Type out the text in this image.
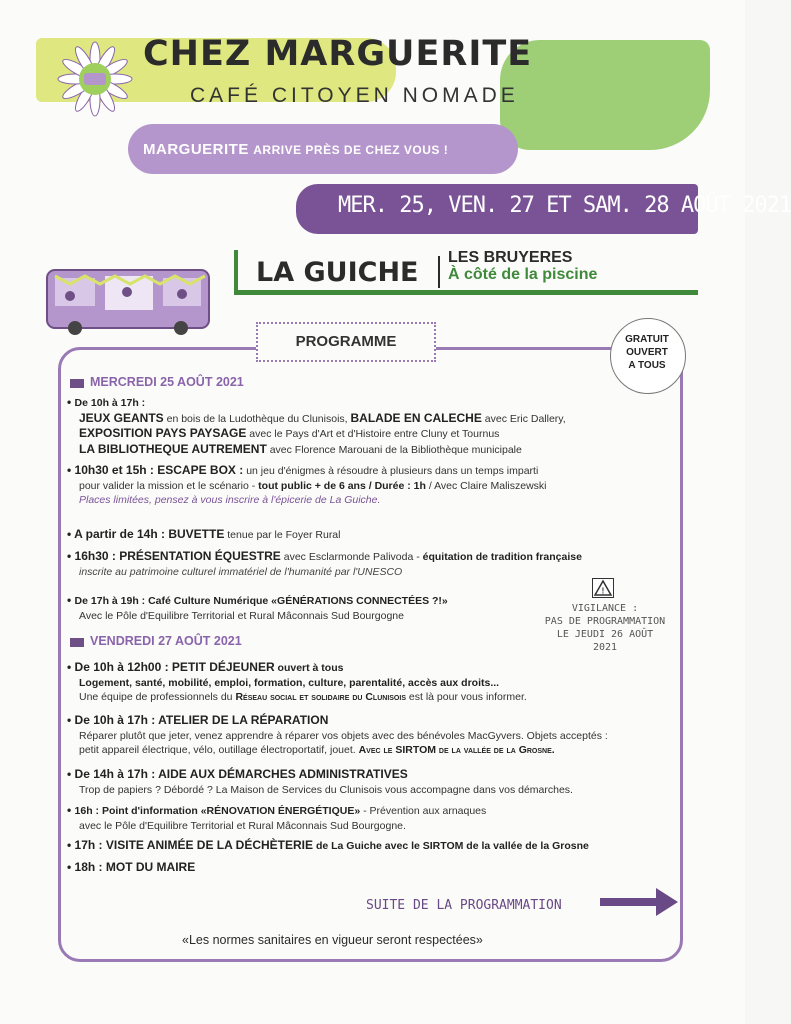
CHEZ MARGUERITE
CAFÉ CITOYEN NOMADE
MARGUERITE ARRIVE PRÈS DE CHEZ VOUS !
MER. 25, VEN. 27 ET SAM. 28 AOÛT 2021
LA GUICHE LES BRUYERES
À côté de la piscine
PROGRAMME	GRATUIT
OUVERT
A TOUS
MERCREDI 25 AOÛT 2021
• De 10h à 17h :
JEUX GEANTS en bois de la Ludothèque du Clunisois, BALADE EN CALECHE avec Eric Dallery,
EXPOSITION PAYS PAYSAGE avec le Pays d'Art et d'Histoire entre Cluny et Tournus
LA BIBLIOTHEQUE AUTREMENT avec Florence Marouani de la Bibliothèque municipale
• 10h30 et 15h : ESCAPE BOX : un jeu d'énigmes à résoudre à plusieurs dans un temps imparti
pour valider la mission et le scénario - tout public + de 6 ans / Durée : 1h / Avec Claire Maliszewski
Places limitées, pensez à vous inscrire à l'épicerie de La Guiche.
• A partir de 14h : BUVETTE tenue par le Foyer Rural
• 16h30 : PRÉSENTATION ÉQUESTRE avec Esclarmonde Palivoda - équitation de tradition française
inscrite au patrimoine culturel immatériel de l'humanité par l'UNESCO
• De 17h à 19h : Café Culture Numérique «GÉNÉRATIONS CONNECTÉES ?!»
Avec le Pôle d'Equilibre Territorial et Rural Mâconnais Sud Bourgogne
!
VIGILANCE :
PAS DE PROGRAMMATION
LE JEUDI 26 AOÛT 2021
VENDREDI 27 AOÛT 2021
• De 10h à 12h00 : PETIT DÉJEUNER ouvert à tous
Logement, santé, mobilité, emploi, formation, culture, parentalité, accès aux droits...
Une équipe de professionnels du Réseau social et solidaire du Clunisois est là pour vous informer.
• De 10h à 17h : ATELIER DE LA RÉPARATION
Réparer plutôt que jeter, venez apprendre à réparer vos objets avec des bénévoles MacGyvers. Objets acceptés :
petit appareil électrique, vélo, outillage électroportatif, jouet. Avec le SIRTOM de la vallée de la Grosne.
• De 14h à 17h : AIDE AUX DÉMARCHES ADMINISTRATIVES
Trop de papiers ? Débordé ? La Maison de Services du Clunisois vous accompagne dans vos démarches.
• 16h : Point d'information «RÉNOVATION ÉNERGÉTIQUE» - Prévention aux arnaques
avec le Pôle d'Equilibre Territorial et Rural Mâconnais Sud Bourgogne.
• 17h : VISITE ANIMÉE DE LA DÉCHÈTERIE de La Guiche avec le SIRTOM de la vallée de la Grosne
• 18h : MOT DU MAIRE
SUITE DE LA PROGRAMMATION
«Les normes sanitaires en vigueur seront respectées»
